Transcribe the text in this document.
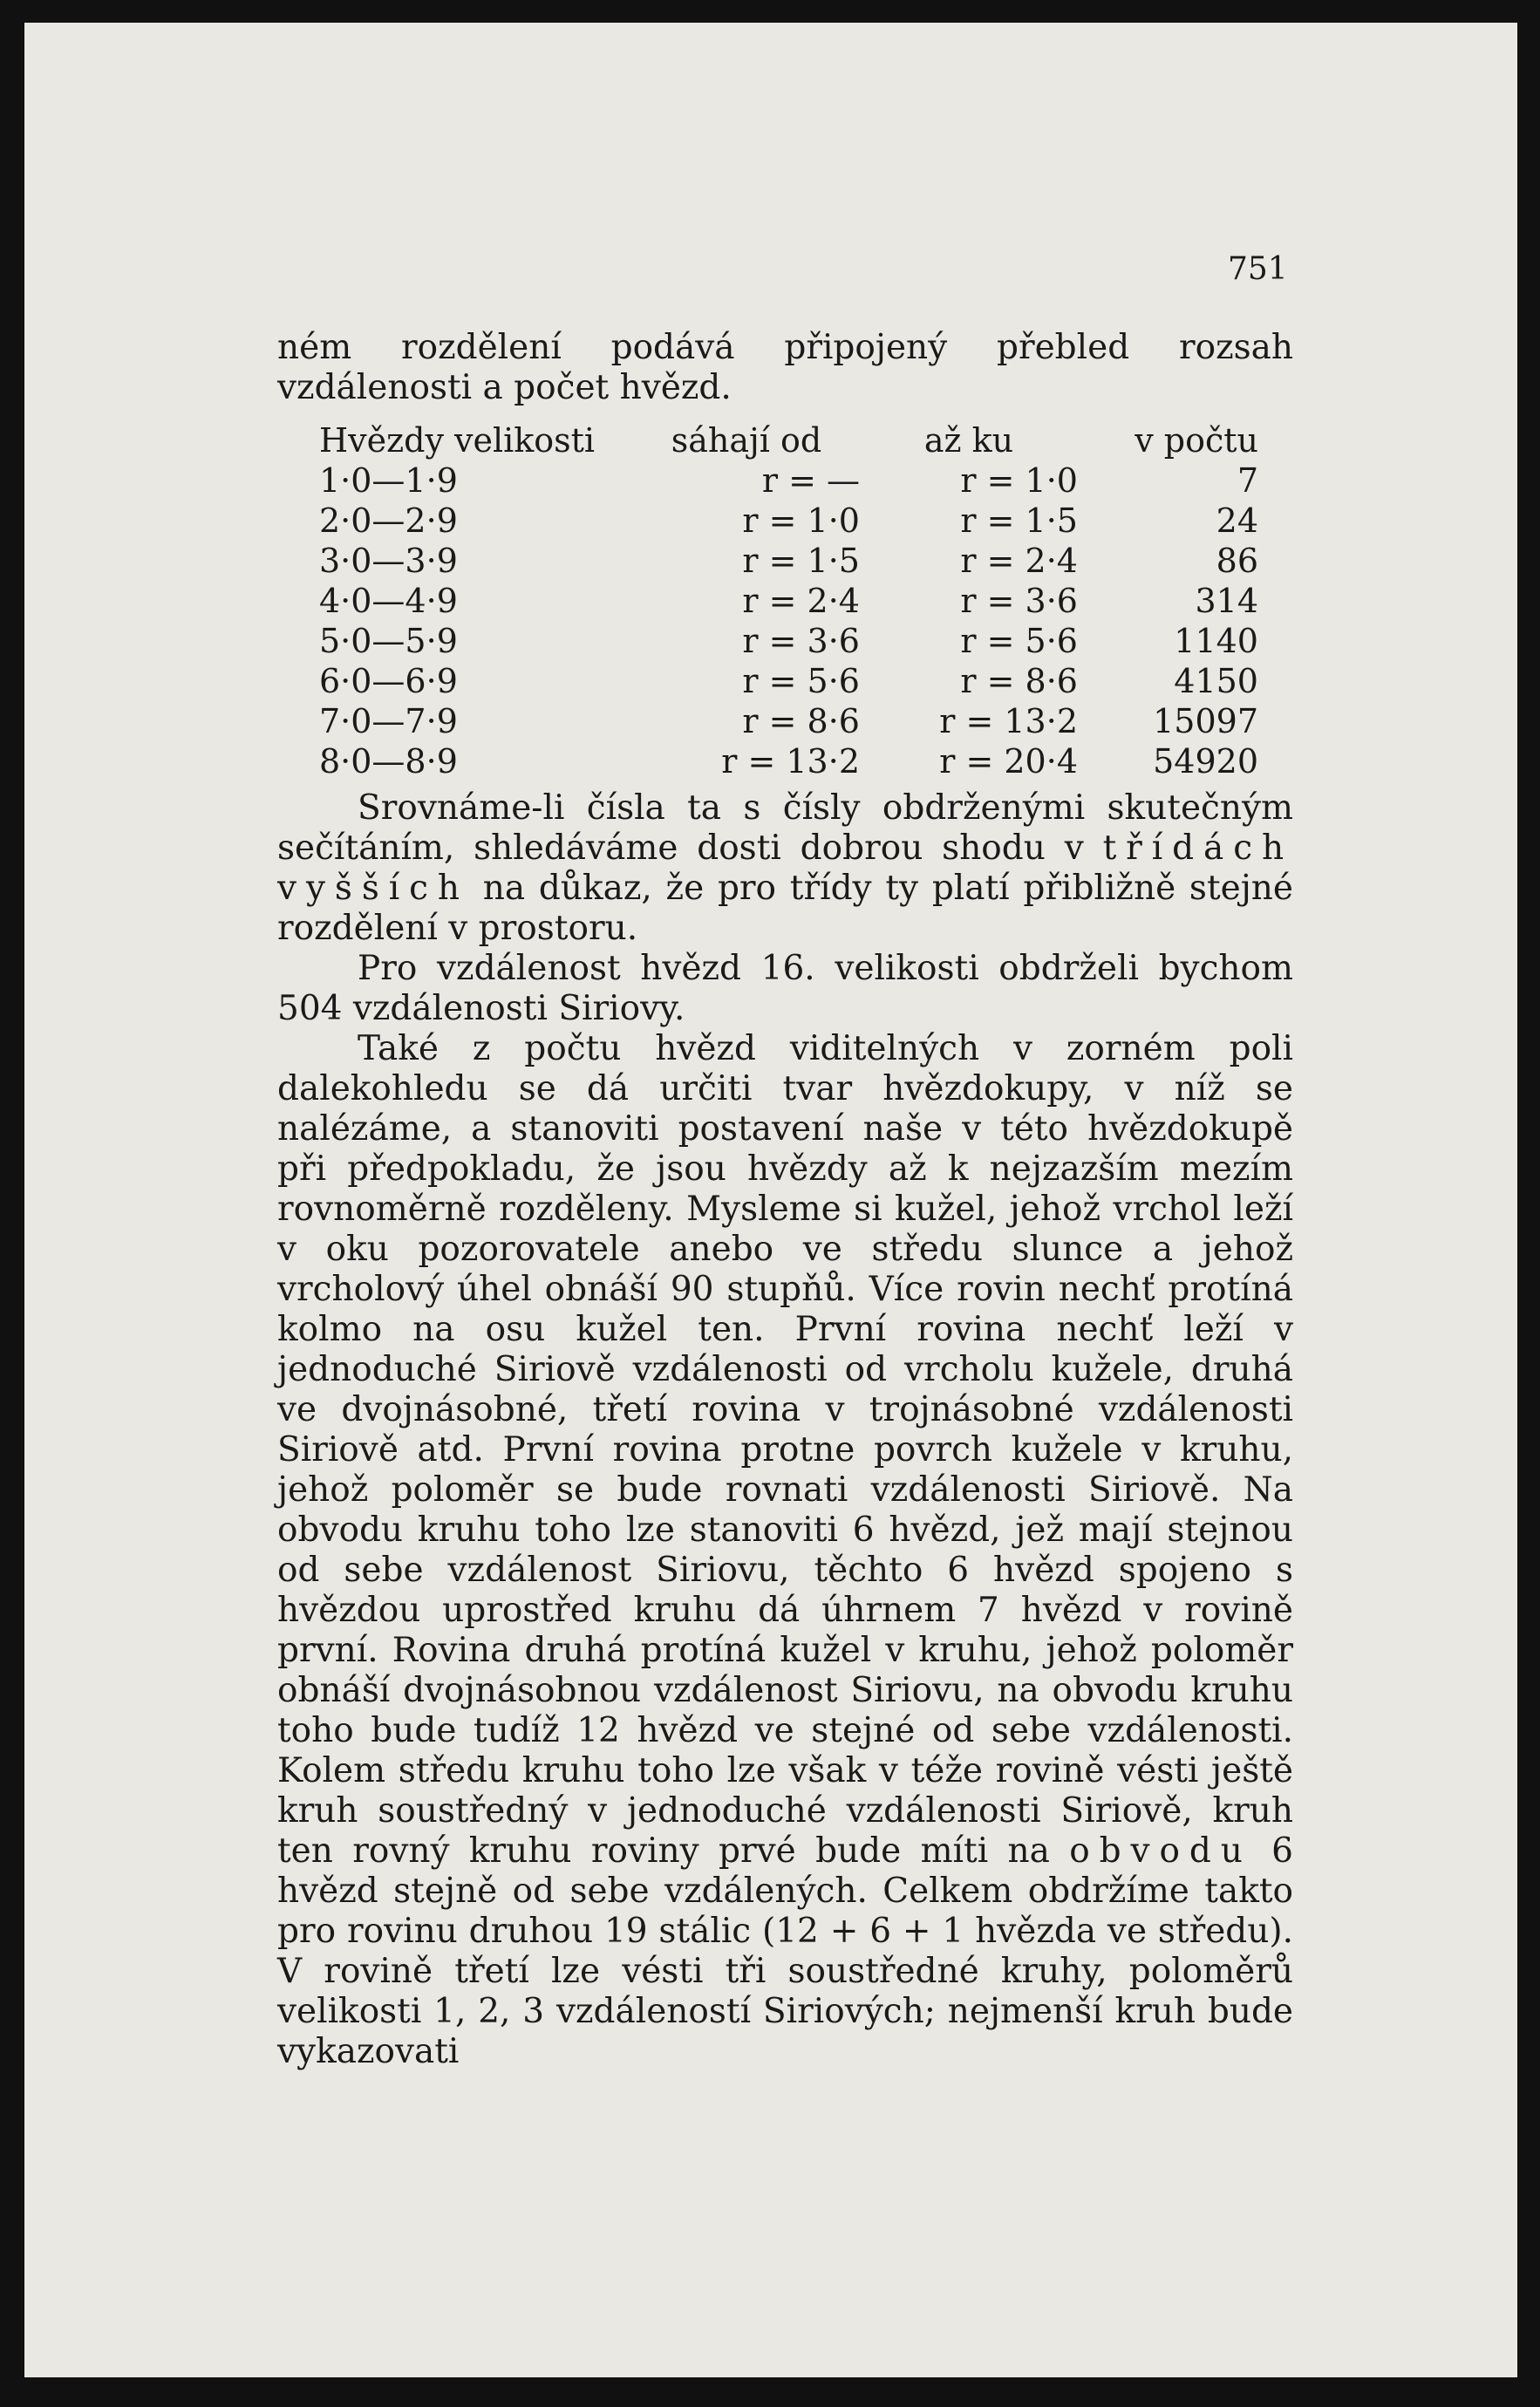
751

ném rozdělení podává připojený přebled rozsah vzdálenosti a počet hvězd.

Hvězdy velikosti	sáhají od	až ku	v počtu
1·0—1·9	r = —	r = 1·0	7
2·0—2·9	r = 1·0	r = 1·5	24
3·0—3·9	r = 1·5	r = 2·4	86
4·0—4·9	r = 2·4	r = 3·6	314
5·0—5·9	r = 3·6	r = 5·6	1140
6·0—6·9	r = 5·6	r = 8·6	4150
7·0—7·9	r = 8·6	r = 13·2	15097
8·0—8·9	r = 13·2	r = 20·4	54920

Srovnáme-li čísla ta s čísly obdrženými skutečným sečítáním, shledáváme dosti dobrou shodu v třídách vyšších na důkaz, že pro třídy ty platí přibližně stejné rozdělení v prostoru.

Pro vzdálenost hvězd 16. velikosti obdrželi bychom 504 vzdálenosti Siriovy.

Také z počtu hvězd viditelných v zorném poli dalekohledu se dá určiti tvar hvězdokupy, v níž se nalézáme, a stanoviti postavení naše v této hvězdokupě při předpokladu, že jsou hvězdy až k nejzazším mezím rovnoměrně rozděleny. Mysleme si kužel, jehož vrchol leží v oku pozorovatele anebo ve středu slunce a jehož vrcholový úhel obnáší 90 stupňů. Více rovin nechť protíná kolmo na osu kužel ten. První rovina nechť leží v jednoduché Siriově vzdálenosti od vrcholu kužele, druhá ve dvojnásobné, třetí rovina v trojnásobné vzdálenosti Siriově atd. První rovina protne povrch kužele v kruhu, jehož poloměr se bude rovnati vzdálenosti Siriově. Na obvodu kruhu toho lze stanoviti 6 hvězd, jež mají stejnou od sebe vzdálenost Siriovu, těchto 6 hvězd spojeno s hvězdou uprostřed kruhu dá úhrnem 7 hvězd v rovině první. Rovina druhá protíná kužel v kruhu, jehož poloměr obnáší dvojnásobnou vzdálenost Siriovu, na obvodu kruhu toho bude tudíž 12 hvězd ve stejné od sebe vzdálenosti. Kolem středu kruhu toho lze však v téže rovině vésti ještě kruh soustředný v jednoduché vzdálenosti Siriově, kruh ten rovný kruhu roviny prvé bude míti na obvodu 6 hvězd stejně od sebe vzdálených. Celkem obdržíme takto pro rovinu druhou 19 stálic (12 + 6 + 1 hvězda ve středu). V rovině třetí lze vésti tři soustředné kruhy, poloměrů velikosti 1, 2, 3 vzdáleností Siriových; nejmenší kruh bude vykazovati
